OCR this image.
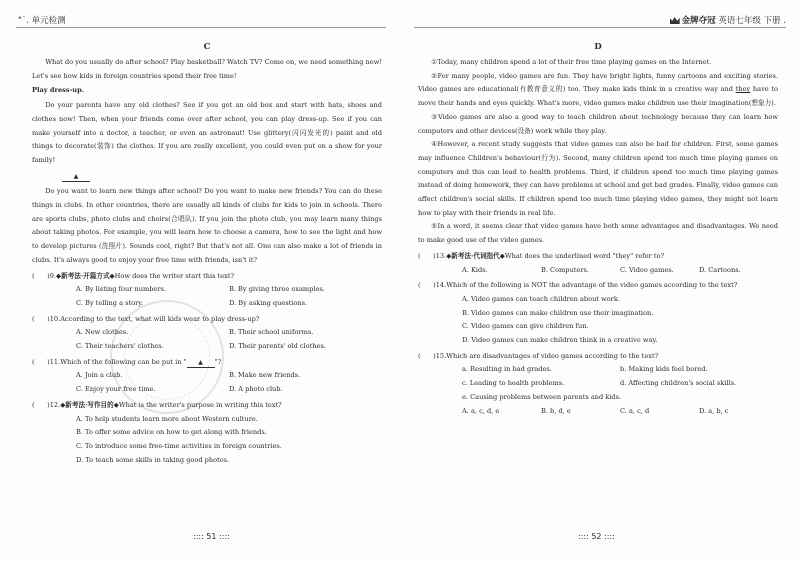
"˙. 单元检测	金牌夺冠 英语七年级 下册 .
C

What do you usually do after school? Play basketball? Watch TV? Come on, we need something new! Let's see how kids in foreign countries spend their free time!

Play dress-up.

Do your parents have any old clothes? See if you get an old box and start with hats, shoes and clothes now! Then, when your friends come over after school, you can play dress-up. See if you can make yourself into a doctor, a teacher, or even an astronaut! Use glittery(闪闪发光的) paint and old things to decorate(装饰) the clothes. If you are really excellent, you could even put on a show for your family!

▲

Do you want to learn new things after school? Do you want to make new friends? You can do these things in clubs. In other countries, there are usually all kinds of clubs for kids to join in schools. There are sports clubs, photo clubs and choirs(合唱队). If you join the photo club, you may learn many things about taking photos. For example, you will learn how to choose a camera, how to see the light and how to develop pictures (洗照片). Sounds cool, right? But that's not all. One can also make a lot of friends in clubs. It's always good to enjoy your free time with friends, isn't it?

(      )9.◆新考法·开篇方式◆How does the writer start this text?
A. By listing four numbers.	B. By giving three examples.
C. By telling a story.	D. By asking questions.
(      )10.According to the text, what will kids wear to play dress-up?
A. New clothes.	B. Their school uniforms.
C. Their teachers' clothes.	D. Their parents' old clothes.
(      )11.Which of the following can be put in " ▲ "?
A. Join a club.	B. Make new friends.
C. Enjoy your free time.	D. A photo club.
(      )12.◆新考法·写作目的◆What is the writer's purpose in writing this text?
A. To help students learn more about Western culture.
B. To offer some advice on how to get along with friends.
C. To introduce some free-time activities in foreign countries.
D. To teach some skills in taking good photos.
:::: 51 ::::
D

①Today, many children spend a lot of their free time playing games on the Internet.

②For many people, video games are fun. They have bright lights, funny cartoons and exciting stories. Video games are educational(有教育意义的) too. They make kids think in a creative way and they have to move their hands and eyes quickly. What's more, video games make children use their imagination(想象力).

③Video games are also a good way to teach children about technology because they can learn how computers and other devices(设备) work while they play.

④However, a recent study suggests that video games can also be bad for children. First, some games may influence Children's behaviour(行为). Second, many children spend too much time playing games on computers and this can lead to health problems. Third, if children spend too much time playing games instead of doing homework, they can have problems at school and get bad grades. Finally, video games can affect children's social skills. If children spend too much time playing video games, they might not learn how to play with their friends in real life.

⑤In a word, it seems clear that video games have both some advantages and disadvantages. We need to make good use of the video games.

(      )13.◆新考法·代词指代◆What does the underlined word "they" refer to?
A. Kids.	B. Computers.	C. Video games.	D. Cartoons.
(      )14.Which of the following is NOT the advantage of the video games according to the text?
A. Video games can teach children about work.
B. Video games can make children use their imagination.
C. Video games can give children fun.
D. Video games can make children think in a creative way.
(      )15.Which are disadvantages of video games according to the text?
a. Resulting in bad grades.	b. Making kids feel bored.
c. Leading to health problems.	d. Affecting children's social skills.
e. Causing problems between parents and kids.
A. a, c, d, e	B. b, d, e	C. a, c, d	D. a, b, c
:::: 52 ::::
